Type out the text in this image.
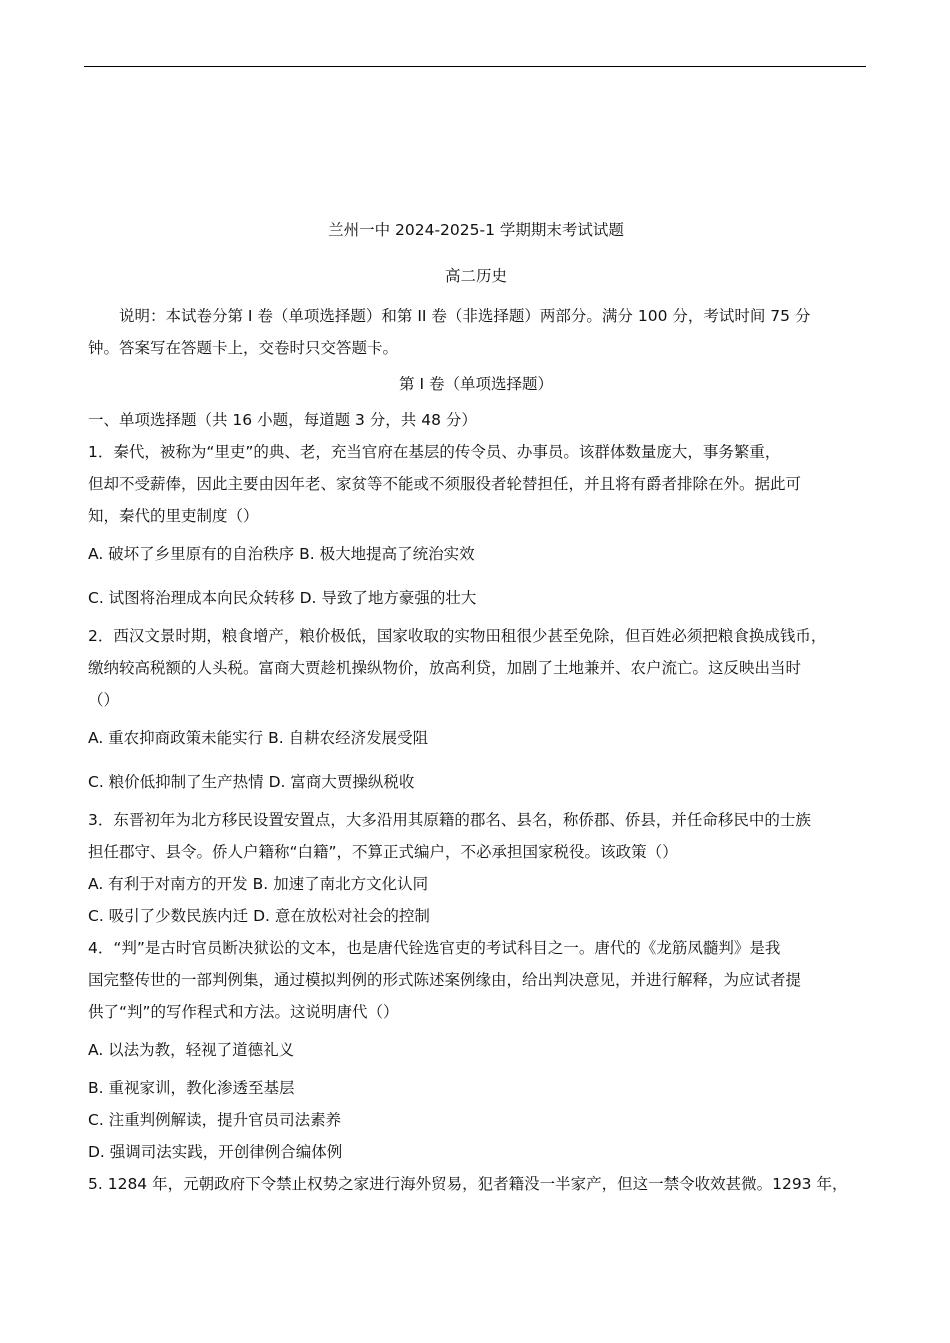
兰州一中 2024-2025-1 学期期末考试试题

高二历史

说明：本试卷分第 I 卷（单项选择题）和第 II 卷（非选择题）两部分。满分 100 分，考试时间 75 分

钟。答案写在答题卡上，交卷时只交答题卡。

第 I 卷（单项选择题）

一、单项选择题（共 16 小题，每道题 3 分，共 48 分）

1．秦代，被称为“里吏”的典、老，充当官府在基层的传令员、办事员。该群体数量庞大，事务繁重，

但却不受薪俸，因此主要由因年老、家贫等不能或不须服役者轮替担任，并且将有爵者排除在外。据此可

知，秦代的里吏制度（）

A. 破坏了乡里原有的自治秩序 B. 极大地提高了统治实效

C. 试图将治理成本向民众转移 D. 导致了地方豪强的壮大

2．西汉文景时期，粮食增产，粮价极低，国家收取的实物田租很少甚至免除，但百姓必须把粮食换成钱币，

缴纳较高税额的人头税。富商大贾趁机操纵物价，放高利贷，加剧了土地兼并、农户流亡。这反映出当时

（）

A. 重农抑商政策未能实行 B. 自耕农经济发展受阻

C. 粮价低抑制了生产热情 D. 富商大贾操纵税收

3．东晋初年为北方移民设置安置点，大多沿用其原籍的郡名、县名，称侨郡、侨县，并任命移民中的士族

担任郡守、县令。侨人户籍称“白籍”，不算正式编户，不必承担国家税役。该政策（）

A. 有利于对南方的开发 B. 加速了南北方文化认同

C. 吸引了少数民族内迁 D. 意在放松对社会的控制

4．“判”是古时官员断决狱讼的文本，也是唐代铨选官吏的考试科目之一。唐代的《龙筋凤髓判》是我

国完整传世的一部判例集，通过模拟判例的形式陈述案例缘由，给出判决意见，并进行解释，为应试者提

供了“判”的写作程式和方法。这说明唐代（）

A. 以法为教，轻视了道德礼义

B. 重视家训，教化渗透至基层

C. 注重判例解读，提升官员司法素养

D. 强调司法实践，开创律例合编体例

5. 1284 年，元朝政府下令禁止权势之家进行海外贸易，犯者籍没一半家产，但这一禁令收效甚微。1293 年，
